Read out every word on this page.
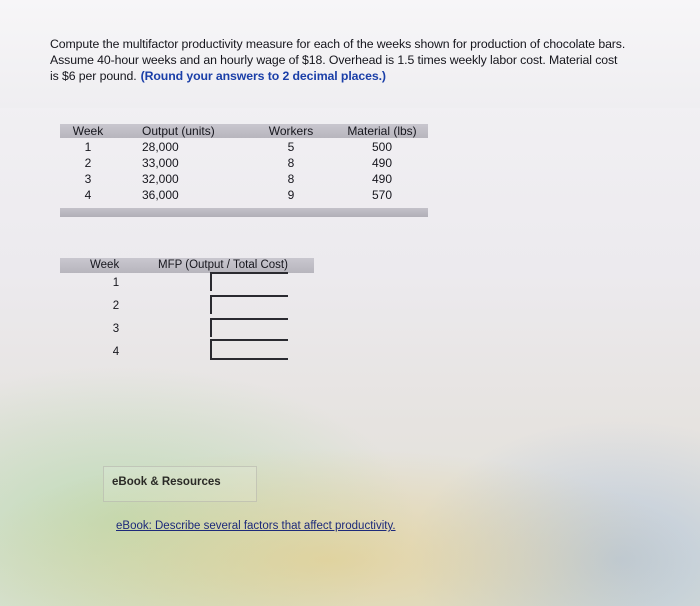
Compute the multifactor productivity measure for each of the weeks shown for production of chocolate bars.
Assume 40-hour weeks and an hourly wage of $18. Overhead is 1.5 times weekly labor cost. Material cost
is $6 per pound. (Round your answers to 2 decimal places.)
Week	Output (units)	Workers	Material (lbs)
1	28,000	5	500
2	33,000	8	490
3	32,000	8	490
4	36,000	9	570
Week	MFP (Output / Total Cost)
1
2
3
4
eBook & Resources
eBook: Describe several factors that affect productivity.
